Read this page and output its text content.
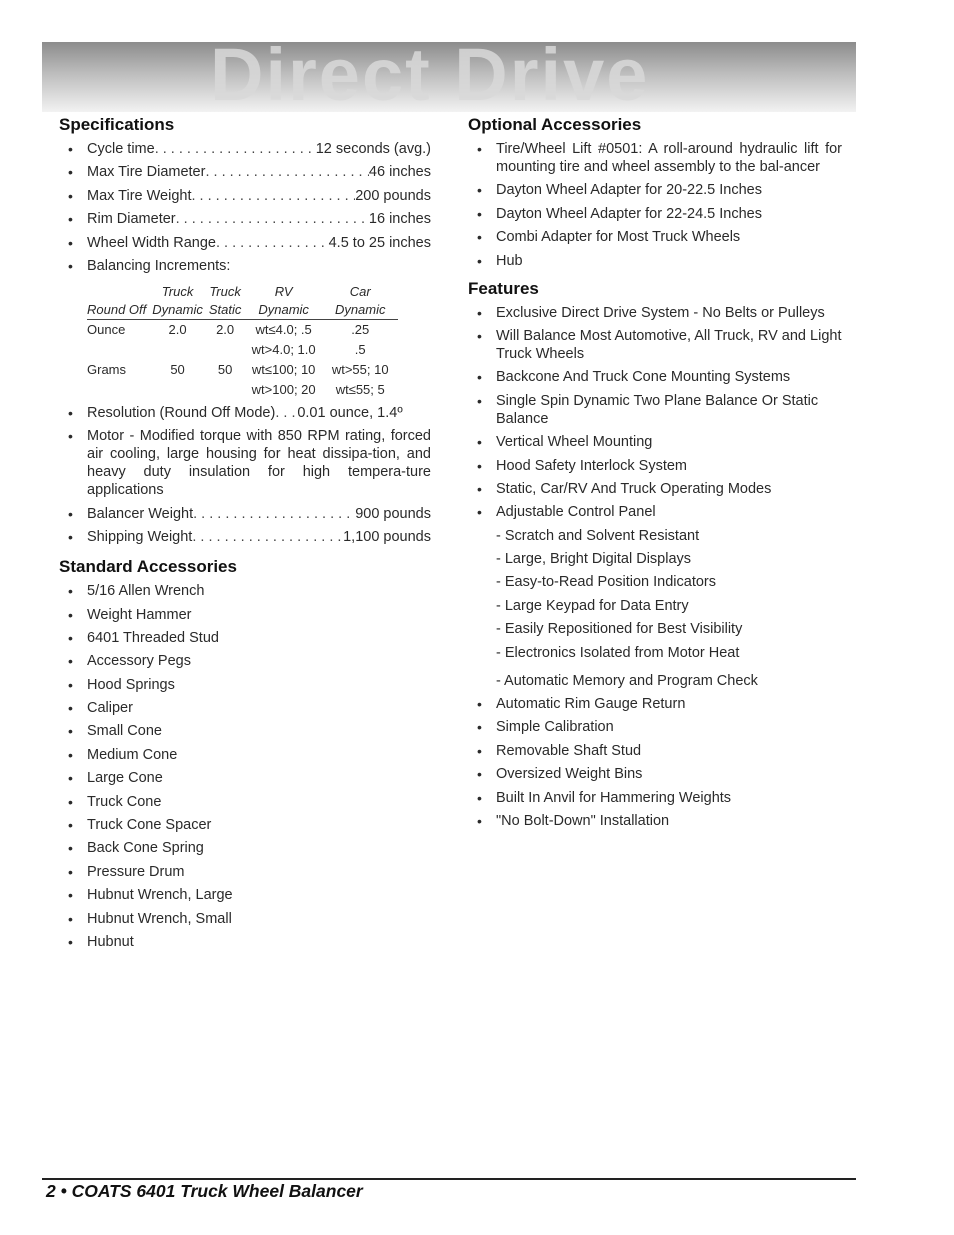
Direct Drive
Specifications
• Cycle time . . .	12 seconds (avg.)
• Max Tire Diameter . . .	46 inches
• Max Tire Weight . . .	200 pounds
• Rim Diameter . . .	16 inches
• Wheel Width Range . . .	4.5 to 25 inches
• Balancing Increments:
	Truck	Truck	RV	Car
Round Off	Dynamic	Static	Dynamic	Dynamic
Ounce	2.0	2.0	wt≤4.0; .5	.25
			wt>4.0; 1.0	.5
Grams	50	50	wt≤100; 10	wt>55; 10
			wt>100; 20	wt≤55; 5
• Resolution (Round Off Mode) . . . 0.01 ounce, 1.4º
• Motor - Modified torque with 850 RPM rating, forced air cooling, large housing for heat dissipa-tion, and heavy duty insulation for high tempera-ture applications
• Balancer Weight . . .	900 pounds
• Shipping Weight . . .	1,100 pounds
Standard Accessories
• 5/16 Allen Wrench
• Weight Hammer
• 6401 Threaded Stud
• Accessory Pegs
• Hood Springs
• Caliper
• Small Cone
• Medium Cone
• Large Cone
• Truck Cone
• Truck Cone Spacer
• Back Cone Spring
• Pressure Drum
• Hubnut Wrench, Large
• Hubnut Wrench, Small
• Hubnut
Optional Accessories
• Tire/Wheel Lift #0501: A roll-around hydraulic lift for mounting tire and wheel assembly to the bal-ancer
• Dayton Wheel Adapter for 20-22.5 Inches
• Dayton Wheel Adapter for 22-24.5 Inches
• Combi Adapter for Most Truck Wheels
• Hub
Features
• Exclusive Direct Drive System - No Belts or Pulleys
• Will Balance Most Automotive, All Truck, RV and Light Truck Wheels
• Backcone And Truck Cone Mounting Systems
• Single Spin Dynamic Two Plane Balance Or Static Balance
• Vertical Wheel Mounting
• Hood Safety Interlock System
• Static, Car/RV And Truck Operating Modes
• Adjustable Control Panel
- Scratch and Solvent Resistant
- Large, Bright Digital Displays
- Easy-to-Read Position Indicators
- Large Keypad for Data Entry
- Easily Repositioned for Best Visibility
- Electronics Isolated from Motor Heat
- Automatic Memory and Program Check
• Automatic Rim Gauge Return
• Simple Calibration
• Removable Shaft Stud
• Oversized Weight Bins
• Built In Anvil for Hammering Weights
• "No Bolt-Down" Installation
2 • COATS 6401 Truck Wheel Balancer
